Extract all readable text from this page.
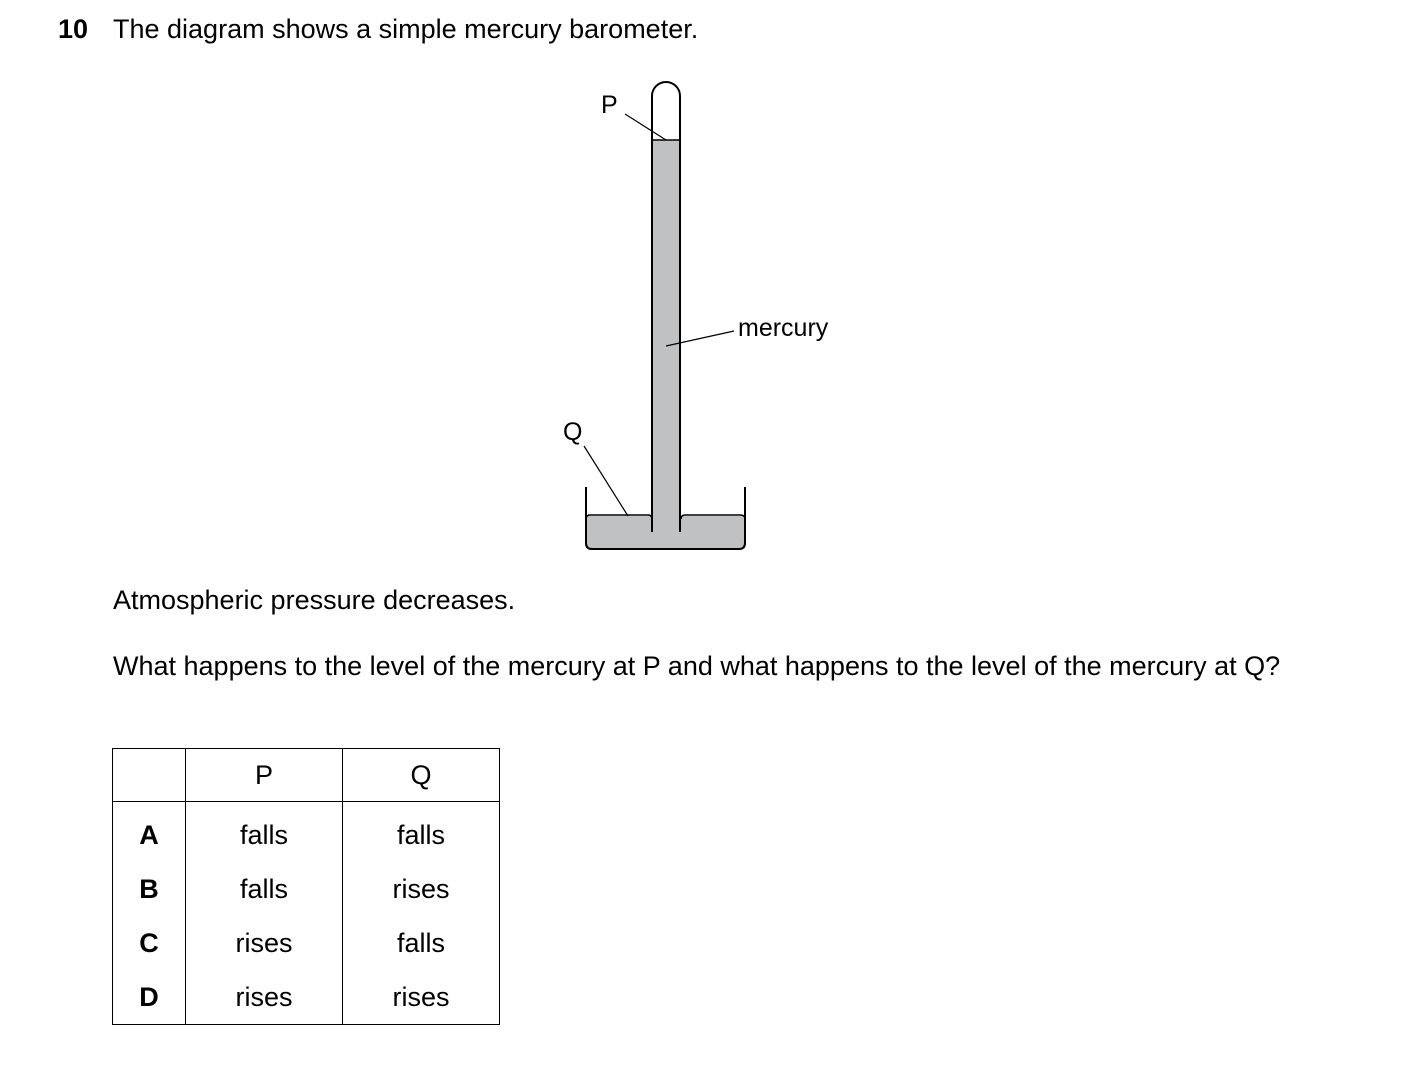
10 The diagram shows a simple mercury barometer.
P
mercury
Q
Atmospheric pressure decreases.
What happens to the level of the mercury at P and what happens to the level of the mercury at Q?
	P	Q
A	falls	falls
B	falls	rises
C	rises	falls
D	rises	rises
